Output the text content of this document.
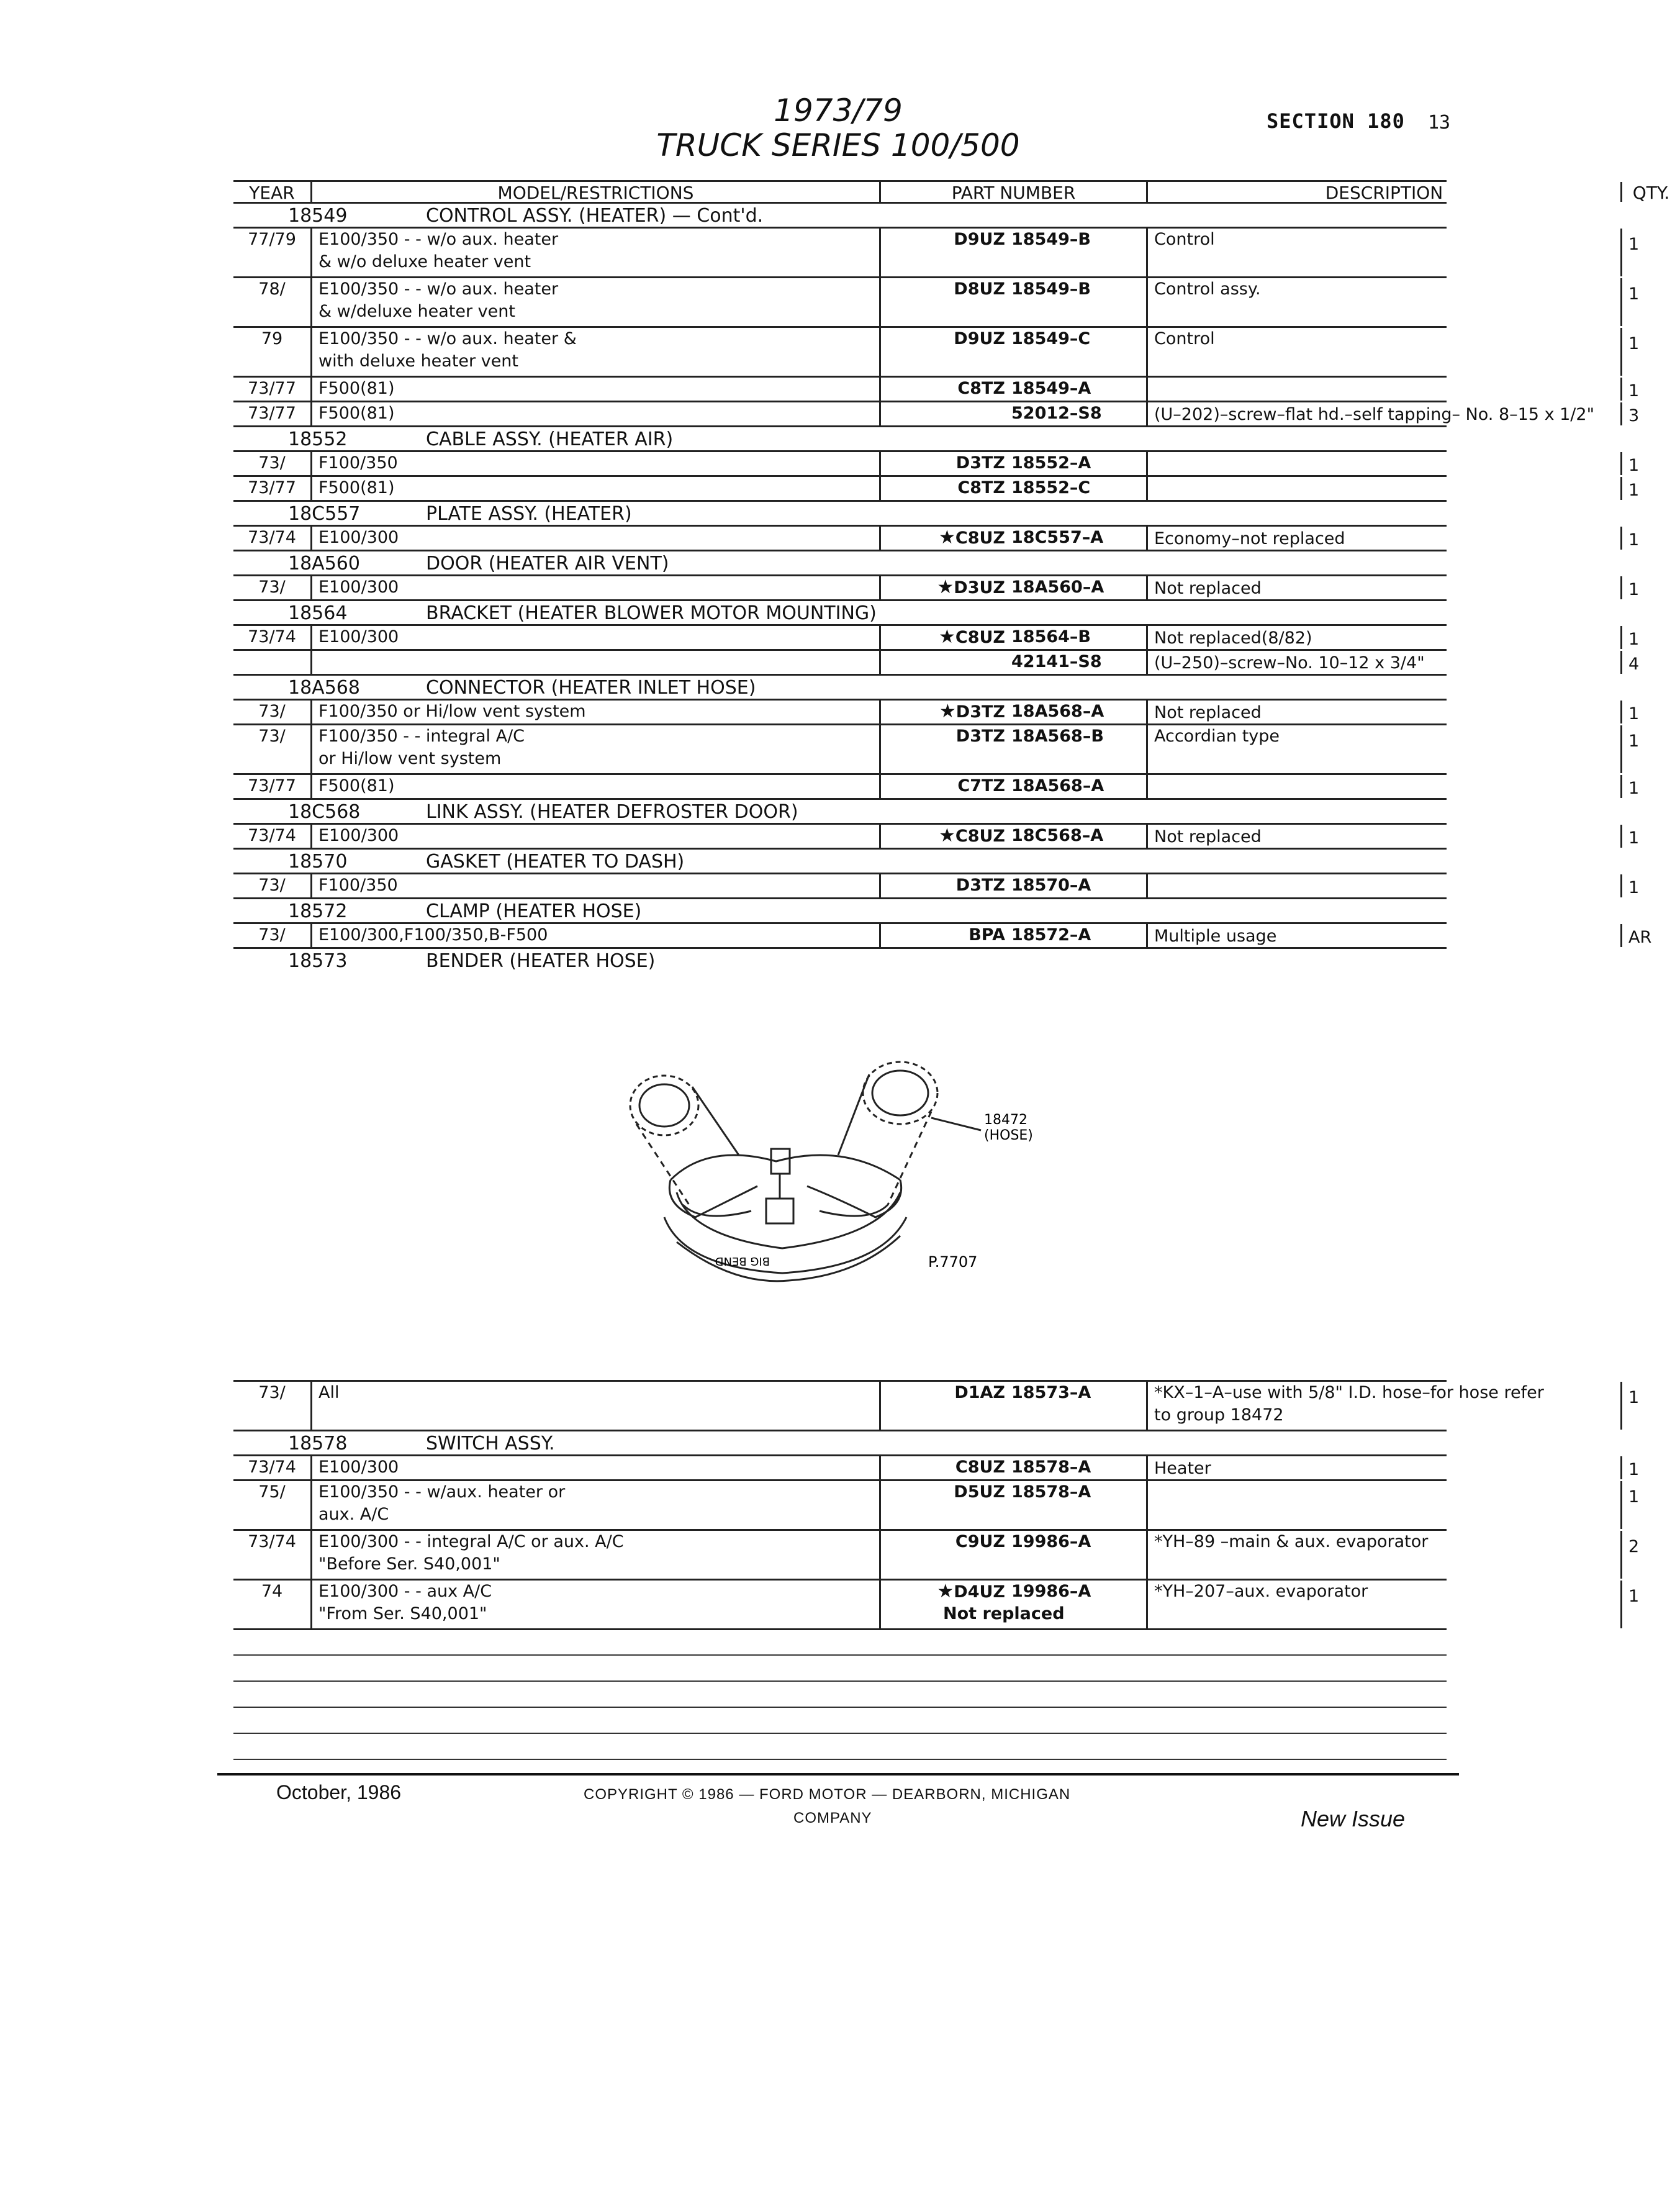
1973/79
TRUCK SERIES 100/500
SECTION 180 13
YEAR	MODEL/RESTRICTIONS	PART NUMBER	DESCRIPTION	QTY.
18549	CONTROL ASSY. (HEATER) — Cont'd.
77/79	E100/350 - - w/o aux. heater
& w/o deluxe heater vent
D9UZ 18549–B	Control	1
78/	E100/350 - - w/o aux. heater
& w/deluxe heater vent
D8UZ 18549–B	Control assy.	1
79	E100/350 - - w/o aux. heater &
with deluxe heater vent
D9UZ 18549–C	Control	1
73/77	F500(81)	C8TZ 18549–A	1
73/77	F500(81)	52012–S8	(U–202)–screw–flat hd.–self tapping– No. 8–15 x 1/2"	3
18552	CABLE ASSY. (HEATER AIR)
73/	F100/350	D3TZ 18552–A	1
73/77	F500(81)	C8TZ 18552–C	1
18C557	PLATE ASSY. (HEATER)
73/74	E100/300	★C8UZ 18C557–A	Economy–not replaced	1
18A560	DOOR (HEATER AIR VENT)
73/	E100/300	★D3UZ 18A560–A	Not replaced	1
18564	BRACKET (HEATER BLOWER MOTOR MOUNTING)
73/74	E100/300	★C8UZ 18564–B	Not replaced(8/82)	1
42141–S8	(U–250)–screw–No. 10–12 x 3/4"	4
18A568	CONNECTOR (HEATER INLET HOSE)
73/	F100/350 or Hi/low vent system	★D3TZ 18A568–A	Not replaced	1
73/	F100/350 - - integral A/C
or Hi/low vent system
D3TZ 18A568–B	Accordian type	1
73/77	F500(81)	C7TZ 18A568–A	1
18C568	LINK ASSY. (HEATER DEFROSTER DOOR)
73/74	E100/300	★C8UZ 18C568–A	Not replaced	1
18570	GASKET (HEATER TO DASH)
73/	F100/350	D3TZ 18570–A	1
18572	CLAMP (HEATER HOSE)
73/	E100/300,F100/350,B-F500	BPA 18572–A	Multiple usage	AR
18573	BENDER (HEATER HOSE)
BIG BEND
18472
(HOSE)
P.7707
73/	All	D1AZ 18573–A	*KX–1–A–use with 5/8" I.D. hose–for hose refer
to group 18472
1
18578	SWITCH ASSY.
73/74	E100/300	C8UZ 18578–A	Heater	1
75/	E100/350 - - w/aux. heater or
aux. A/C
D5UZ 18578–A	1
73/74	E100/300 - - integral A/C or aux. A/C
"Before Ser. S40,001"
C9UZ 19986–A	*YH–89 –main & aux. evaporator	2
74	E100/300 - - aux A/C
"From Ser. S40,001"
★D4UZ 19986–A
Not replaced
*YH–207–aux. evaporator	1
October, 1986	COPYRIGHT © 1986 — FORD MOTOR — DEARBORN, MICHIGAN
COMPANY	New Issue
